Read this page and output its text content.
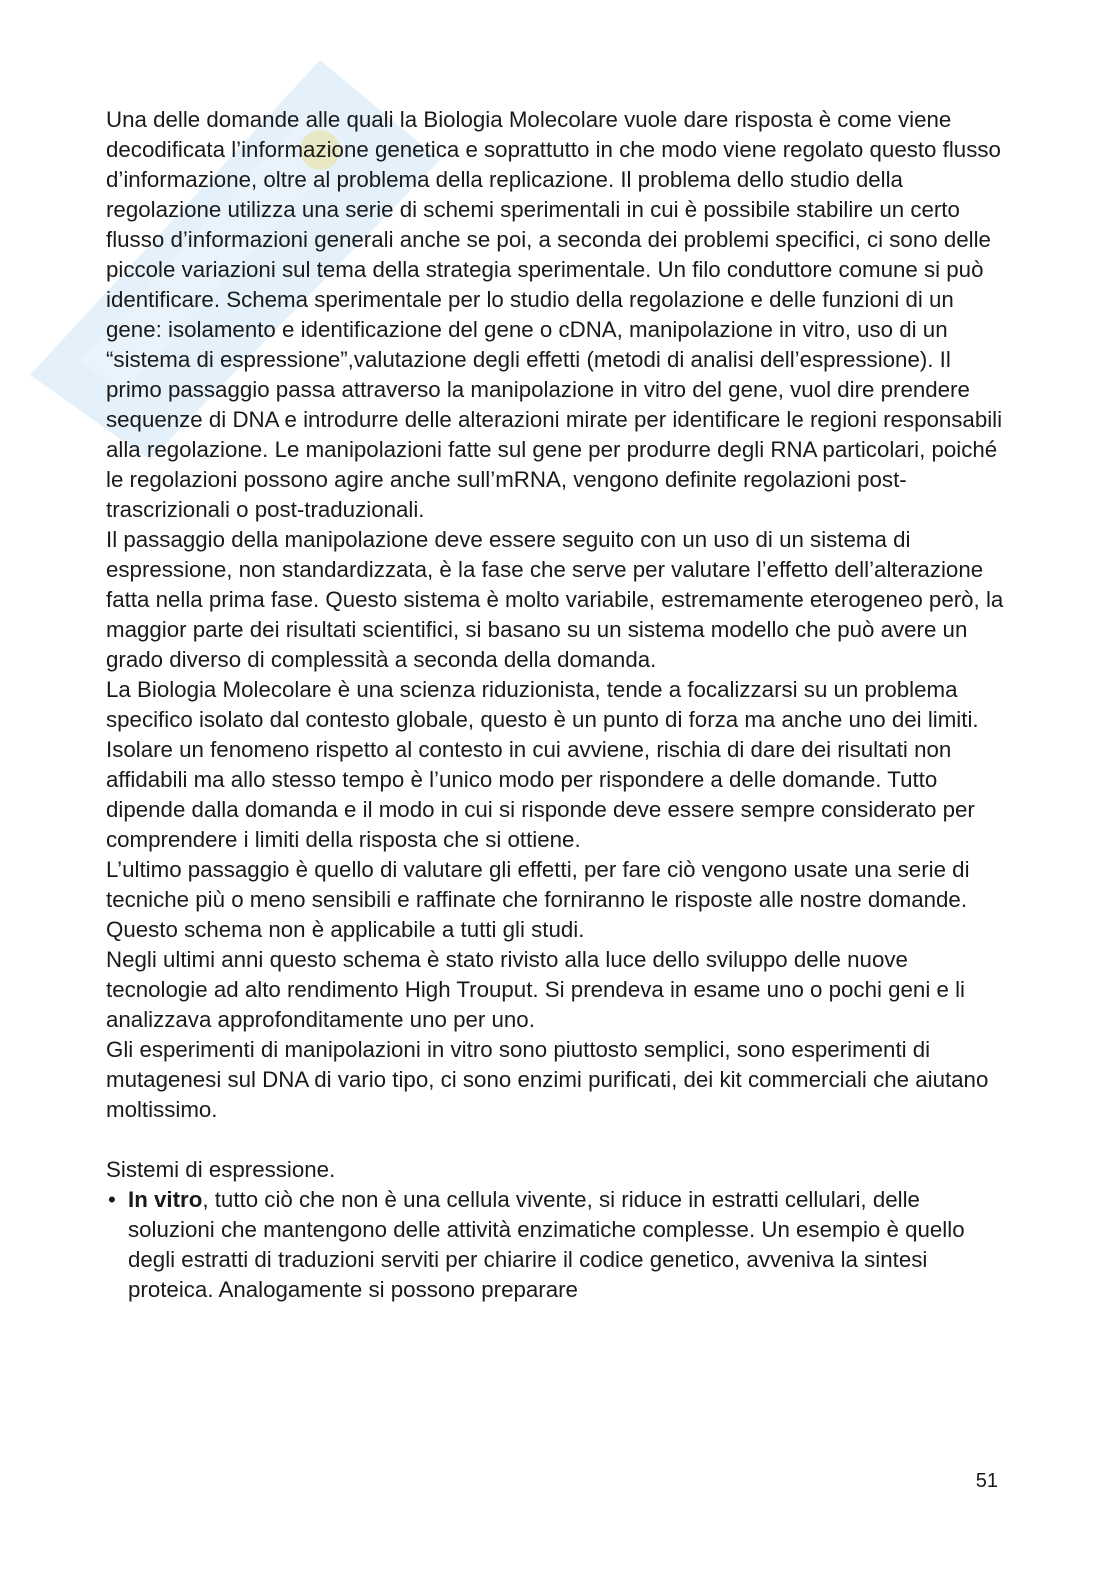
Una delle domande alle quali la Biologia Molecolare vuole dare risposta è come viene decodificata l’informazione genetica e soprattutto in che modo viene regolato questo flusso d’informazione, oltre al problema della replicazione. Il problema dello studio della regolazione utilizza una serie di schemi sperimentali in cui è possibile stabilire un certo flusso d’informazioni generali anche se poi, a seconda dei problemi specifici, ci sono delle piccole variazioni sul tema della strategia sperimentale. Un filo conduttore comune si può identificare. Schema sperimentale per lo studio della regolazione e delle funzioni di un gene: isolamento e identificazione del gene o cDNA, manipolazione in vitro, uso di un “sistema di espressione”,valutazione degli effetti (metodi di analisi dell’espressione). Il primo passaggio passa attraverso la manipolazione in vitro del gene, vuol dire prendere sequenze di DNA e introdurre delle alterazioni mirate per identificare le regioni responsabili alla regolazione. Le manipolazioni fatte sul gene per produrre degli RNA particolari, poiché le regolazioni possono agire anche sull’mRNA, vengono definite regolazioni post-trascrizionali o post-traduzionali.

Il passaggio della manipolazione deve essere seguito con un uso di un sistema di espressione, non standardizzata, è la fase che serve per valutare l’effetto dell’alterazione fatta nella prima fase. Questo sistema è molto variabile, estremamente eterogeneo però, la maggior parte dei risultati scientifici, si basano su un sistema modello che può avere un grado diverso di complessità a seconda della domanda.

La Biologia Molecolare è una scienza riduzionista, tende a focalizzarsi su un problema specifico isolato dal contesto globale, questo è un punto di forza ma anche uno dei limiti. Isolare un fenomeno rispetto al contesto in cui avviene, rischia di dare dei risultati non affidabili ma allo stesso tempo è l’unico modo per rispondere a delle domande. Tutto dipende dalla domanda e il modo in cui si risponde deve essere sempre considerato per comprendere i limiti della risposta che si ottiene.

L’ultimo passaggio è quello di valutare gli effetti, per fare ciò vengono usate una serie di tecniche più o meno sensibili e raffinate che forniranno le risposte alle nostre domande.

Questo schema non è applicabile a tutti gli studi.

Negli ultimi anni questo schema è stato rivisto alla luce dello sviluppo delle nuove tecnologie ad alto rendimento High Trouput. Si prendeva in esame uno o pochi geni e li analizzava approfonditamente uno per uno.

Gli esperimenti di manipolazioni in vitro sono piuttosto semplici, sono esperimenti di mutagenesi sul DNA di vario tipo, ci sono enzimi purificati, dei kit commerciali che aiutano moltissimo.

Sistemi di espressione.

• In vitro, tutto ciò che non è una cellula vivente, si riduce in estratti cellulari, delle soluzioni che mantengono delle attività enzimatiche complesse. Un esempio è quello degli estratti di traduzioni serviti per chiarire il codice genetico, avveniva la sintesi proteica. Analogamente si possono preparare
51
